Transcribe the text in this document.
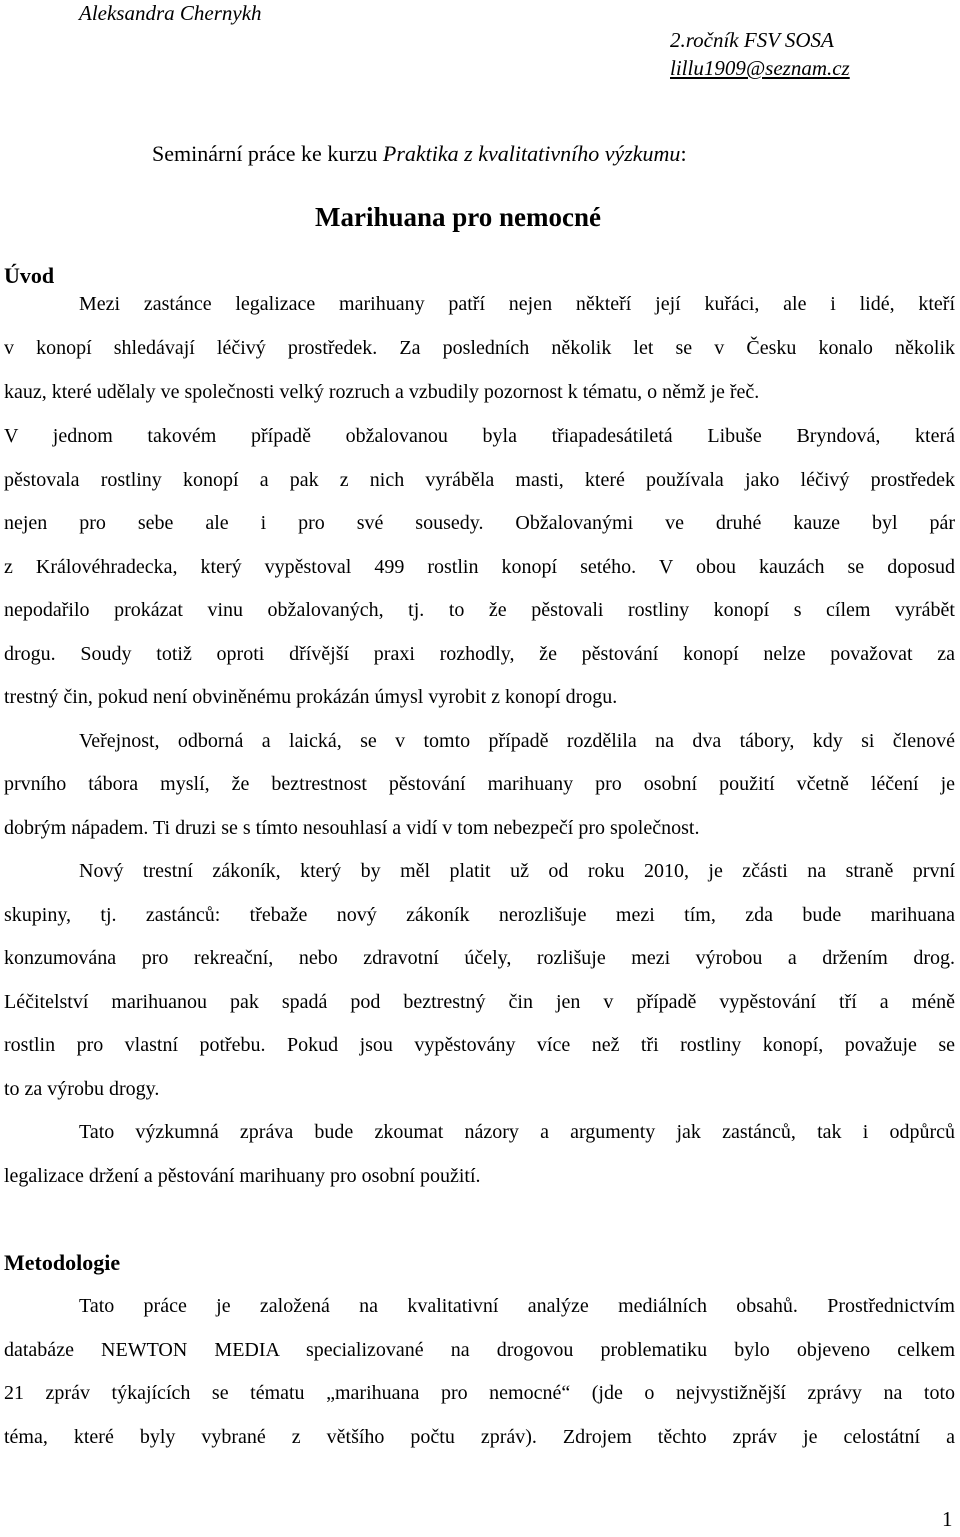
Aleksandra Chernykh
2.ročník FSV SOSA
lillu1909@seznam.cz
Seminární práce ke kurzu Praktika z kvalitativního výzkumu:
Marihuana pro nemocné
Úvod
Mezi zastánce legalizace marihuany patří nejen někteří její kuřáci, ale i lidé, kteří
v konopí shledávají léčivý prostředek. Za posledních několik let se v Česku konalo několik
kauz, které udělaly ve společnosti velký rozruch a vzbudily pozornost k tématu, o němž je řeč.
V jednom takovém případě obžalovanou byla třiapadesátiletá Libuše Bryndová, která
pěstovala rostliny konopí a pak z nich vyráběla masti, které používala jako léčivý prostředek
nejen pro sebe ale i pro své sousedy. Obžalovanými ve druhé kauze byl pár
z Královéhradecka, který vypěstoval 499 rostlin konopí setého. V obou kauzách se doposud
nepodařilo prokázat vinu obžalovaných, tj. to že pěstovali rostliny konopí s cílem vyrábět
drogu. Soudy totiž oproti dřívější praxi rozhodly, že pěstování konopí nelze považovat za
trestný čin, pokud není obviněnému prokázán úmysl vyrobit z konopí drogu.
Veřejnost, odborná a laická, se v tomto případě rozdělila na dva tábory, kdy si členové
prvního tábora myslí, že beztrestnost pěstování marihuany pro osobní použití včetně léčení je
dobrým nápadem. Ti druzi se s tímto nesouhlasí a vidí v tom nebezpečí pro společnost.
Nový trestní zákoník, který by měl platit už od roku 2010, je zčásti na straně první
skupiny, tj. zastánců: třebaže nový zákoník nerozlišuje mezi tím, zda bude marihuana
konzumována pro rekreační, nebo zdravotní účely, rozlišuje mezi výrobou a držením drog.
Léčitelství marihuanou pak spadá pod beztrestný čin jen v případě vypěstování tří a méně
rostlin pro vlastní potřebu. Pokud jsou vypěstovány více než tři rostliny konopí, považuje se
to za výrobu drogy.
Tato výzkumná zpráva bude zkoumat názory a argumenty jak zastánců, tak i odpůrců
legalizace držení a pěstování marihuany pro osobní použití.
Metodologie
Tato práce je založená na kvalitativní analýze mediálních obsahů. Prostřednictvím
databáze NEWTON MEDIA specializované na drogovou problematiku bylo objeveno celkem
21 zpráv týkajících se tématu „marihuana pro nemocné“ (jde o nejvystižnější zprávy na toto
téma, které byly vybrané z většího počtu zpráv). Zdrojem těchto zpráv je celostátní a
1
